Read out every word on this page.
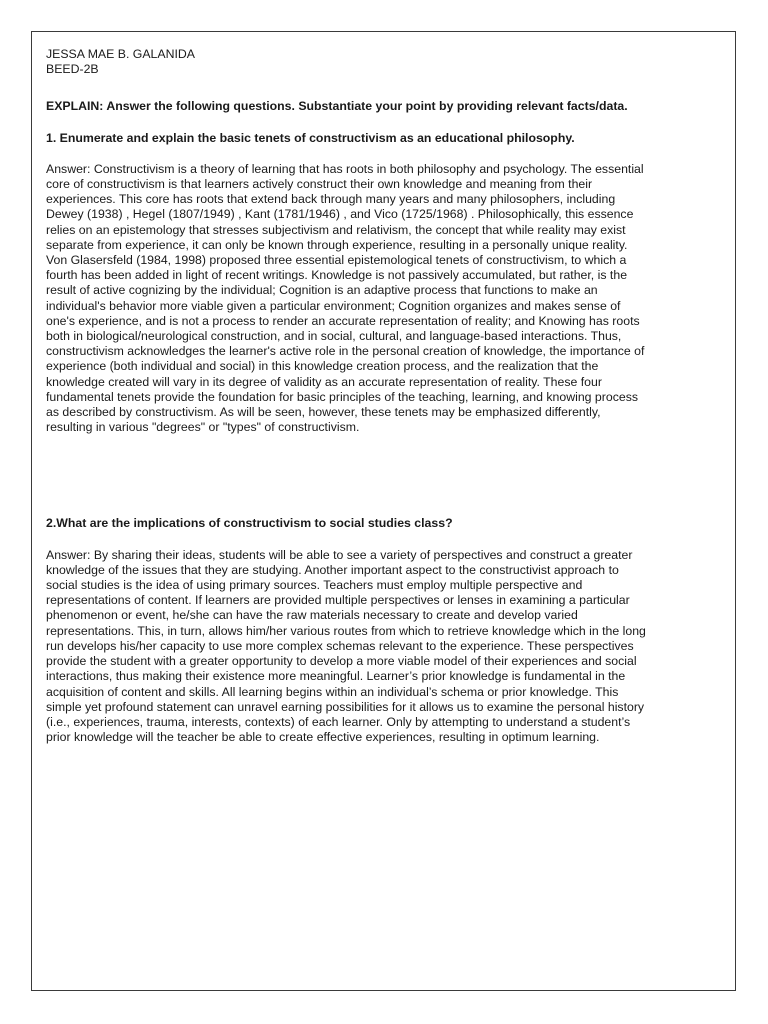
JESSA MAE B. GALANIDA
BEED-2B
EXPLAIN: Answer the following questions. Substantiate your point by providing relevant facts/data.
1. Enumerate and explain the basic tenets of constructivism as an educational philosophy.
Answer: Constructivism is a theory of learning that has roots in both philosophy and psychology. The essential
core of constructivism is that learners actively construct their own knowledge and meaning from their
experiences. This core has roots that extend back through many years and many philosophers, including
Dewey (1938) , Hegel (1807/1949) , Kant (1781/1946) , and Vico (1725/1968) . Philosophically, this essence
relies on an epistemology that stresses subjectivism and relativism, the concept that while reality may exist
separate from experience, it can only be known through experience, resulting in a personally unique reality.
Von Glasersfeld (1984, 1998) proposed three essential epistemological tenets of constructivism, to which a
fourth has been added in light of recent writings. Knowledge is not passively accumulated, but rather, is the
result of active cognizing by the individual; Cognition is an adaptive process that functions to make an
individual's behavior more viable given a particular environment; Cognition organizes and makes sense of
one's experience, and is not a process to render an accurate representation of reality; and Knowing has roots
both in biological/neurological construction, and in social, cultural, and language-based interactions. Thus,
constructivism acknowledges the learner's active role in the personal creation of knowledge, the importance of
experience (both individual and social) in this knowledge creation process, and the realization that the
knowledge created will vary in its degree of validity as an accurate representation of reality. These four
fundamental tenets provide the foundation for basic principles of the teaching, learning, and knowing process
as described by constructivism. As will be seen, however, these tenets may be emphasized differently,
resulting in various "degrees" or "types" of constructivism.
2.What are the implications of constructivism to social studies class?
Answer: By sharing their ideas, students will be able to see a variety of perspectives and construct a greater
knowledge of the issues that they are studying. Another important aspect to the constructivist approach to
social studies is the idea of using primary sources. Teachers must employ multiple perspective and
representations of content. If learners are provided multiple perspectives or lenses in examining a particular
phenomenon or event, he/she can have the raw materials necessary to create and develop varied
representations. This, in turn, allows him/her various routes from which to retrieve knowledge which in the long
run develops his/her capacity to use more complex schemas relevant to the experience. These perspectives
provide the student with a greater opportunity to develop a more viable model of their experiences and social
interactions, thus making their existence more meaningful. Learner’s prior knowledge is fundamental in the
acquisition of content and skills. All learning begins within an individual’s schema or prior knowledge. This
simple yet profound statement can unravel earning possibilities for it allows us to examine the personal history
(i.e., experiences, trauma, interests, contexts) of each learner. Only by attempting to understand a student’s
prior knowledge will the teacher be able to create effective experiences, resulting in optimum learning.
